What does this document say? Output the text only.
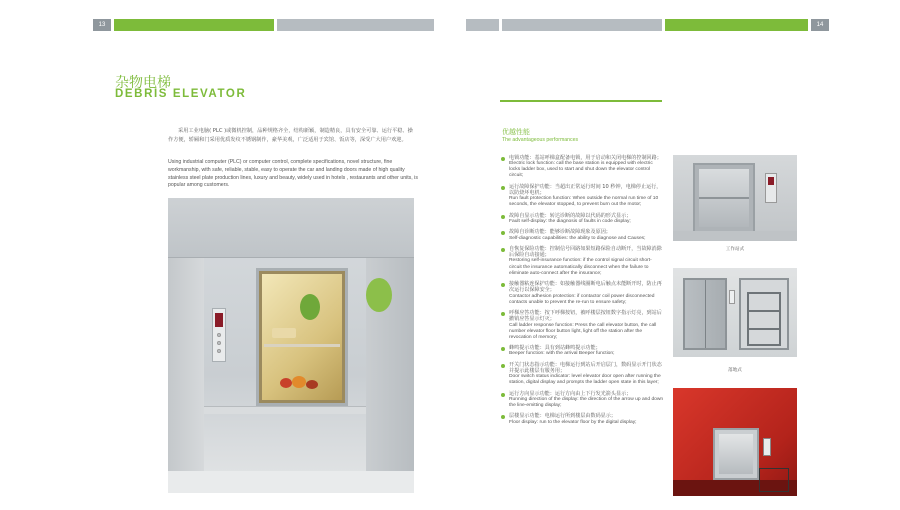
13	14
杂物电梯
DEBRIS ELEVATOR

采用工业电脑( PLC )或微机控制，品种规格齐全，结构新颖，制造精良，具有安全可靠、运行平稳、操作方便，轿厢和门采用优质发纹不锈钢制作，豪华美观，广泛适用于宾馆、饭店等，深受广大用户欢迎。

Using industrial computer (PLC) or computer control, complete specifications, novel structure, fine workmanship, with safe, reliable, stable, easy to operate the car and landing doors made of high quality stainless steel plate production lines, luxury and beauty, widely used in hotels , restaurants and other units, is popular among customers.

优越性能
The advantageous performances
电锁功能：基站呼梯盒配备电锁，用于启动和关闭电梯的控制回路；
Electric lock function: call the base station is equipped with electric locks ladder box, used to start and shut down the elevator control circuit;
运行故障保护功能：当超出正常运行时间 10 秒钟，电梯停止运行，以防烧坏电机；
Run fault protection function: When outside the normal run time of 10 seconds, the elevator stopped, to prevent burn out the motor;
故障自显示功能：转达诊断的故障以代码的形式显示；
Fault self-display: the diagnosis of faults in code display;
故障自诊断功能：能够诊断故障现象及原因；
Self-diagnostic capabilities: the ability to diagnose and Causes;
自恢复保险功能：控制信号回路如果短路保险自动断开，当故障消除后保险自动接通；
Restoring self-insurance function: if the control signal circuit short-circuit the insurance automatically disconnect when the failure to eliminate auto-connect after the insurance;
接触器粘连保护功能：如接触器线圈断电后触点未能断开时，防止再次运行以保障安全；
Contactor adhesion protection: if contactor coil power disconnected contacts unable to prevent the re-run to ensure safety;
呼梯应答功能：按下呼梯按钮，被呼楼层按钮数字指示灯亮，到站后撤销应答显示灯灭；
Call ladder response function: Press the call elevator button, the call number elevator floor button light, light off the station after the revocation of memory;
蜂鸣提示功能：具有到站蜂鸣提示功能；
Beeper function: with the arrival Beeper function;
开关门状态指示功能：电梯运行到站后开启层门，数码显示开门状态并提示此楼层有服务用；
Door switch status indicator: level elevator door open after running the station, digital display and prompts the ladder open state in this layer;
运行方向显示功能：运行方向由上下行发光箭头显示；
Running direction of the display: the direction of the arrow up and down the line-emitting display;
层楼显示功能：电梯运行所到楼层由数码显示；
Floor display: run to the elevator floor by the digital display;
工作站式
落地式
